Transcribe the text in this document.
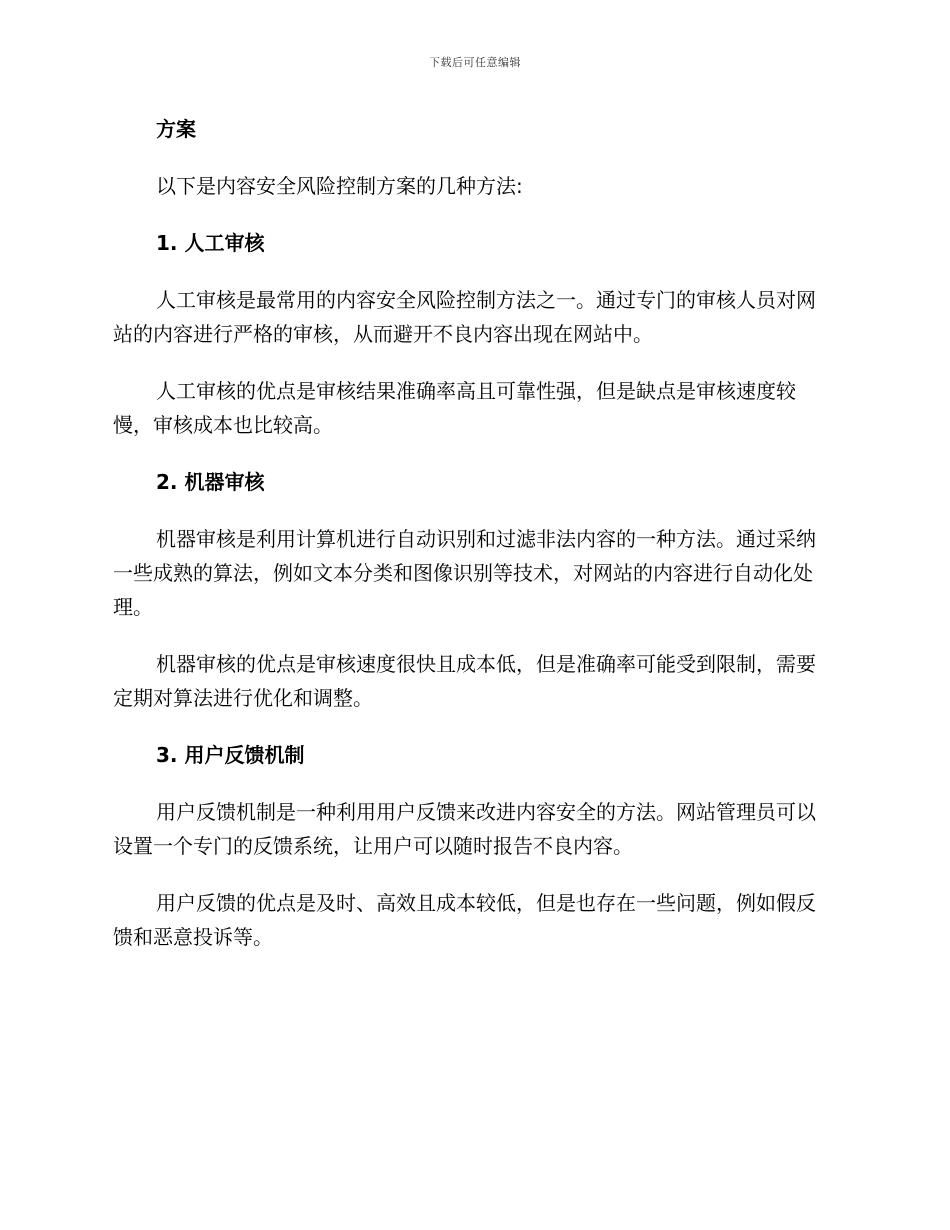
下载后可任意编辑
方案

以下是内容安全风险控制方案的几种方法:

1. 人工审核

人工审核是最常用的内容安全风险控制方法之一。通过专门的审核人员对网站的内容进行严格的审核，从而避开不良内容出现在网站中。

人工审核的优点是审核结果准确率高且可靠性强，但是缺点是审核速度较慢，审核成本也比较高。

2. 机器审核

机器审核是利用计算机进行自动识别和过滤非法内容的一种方法。通过采纳一些成熟的算法，例如文本分类和图像识别等技术，对网站的内容进行自动化处理。

机器审核的优点是审核速度很快且成本低，但是准确率可能受到限制，需要定期对算法进行优化和调整。

3. 用户反馈机制

用户反馈机制是一种利用用户反馈来改进内容安全的方法。网站管理员可以设置一个专门的反馈系统，让用户可以随时报告不良内容。

用户反馈的优点是及时、高效且成本较低，但是也存在一些问题，例如假反馈和恶意投诉等。
